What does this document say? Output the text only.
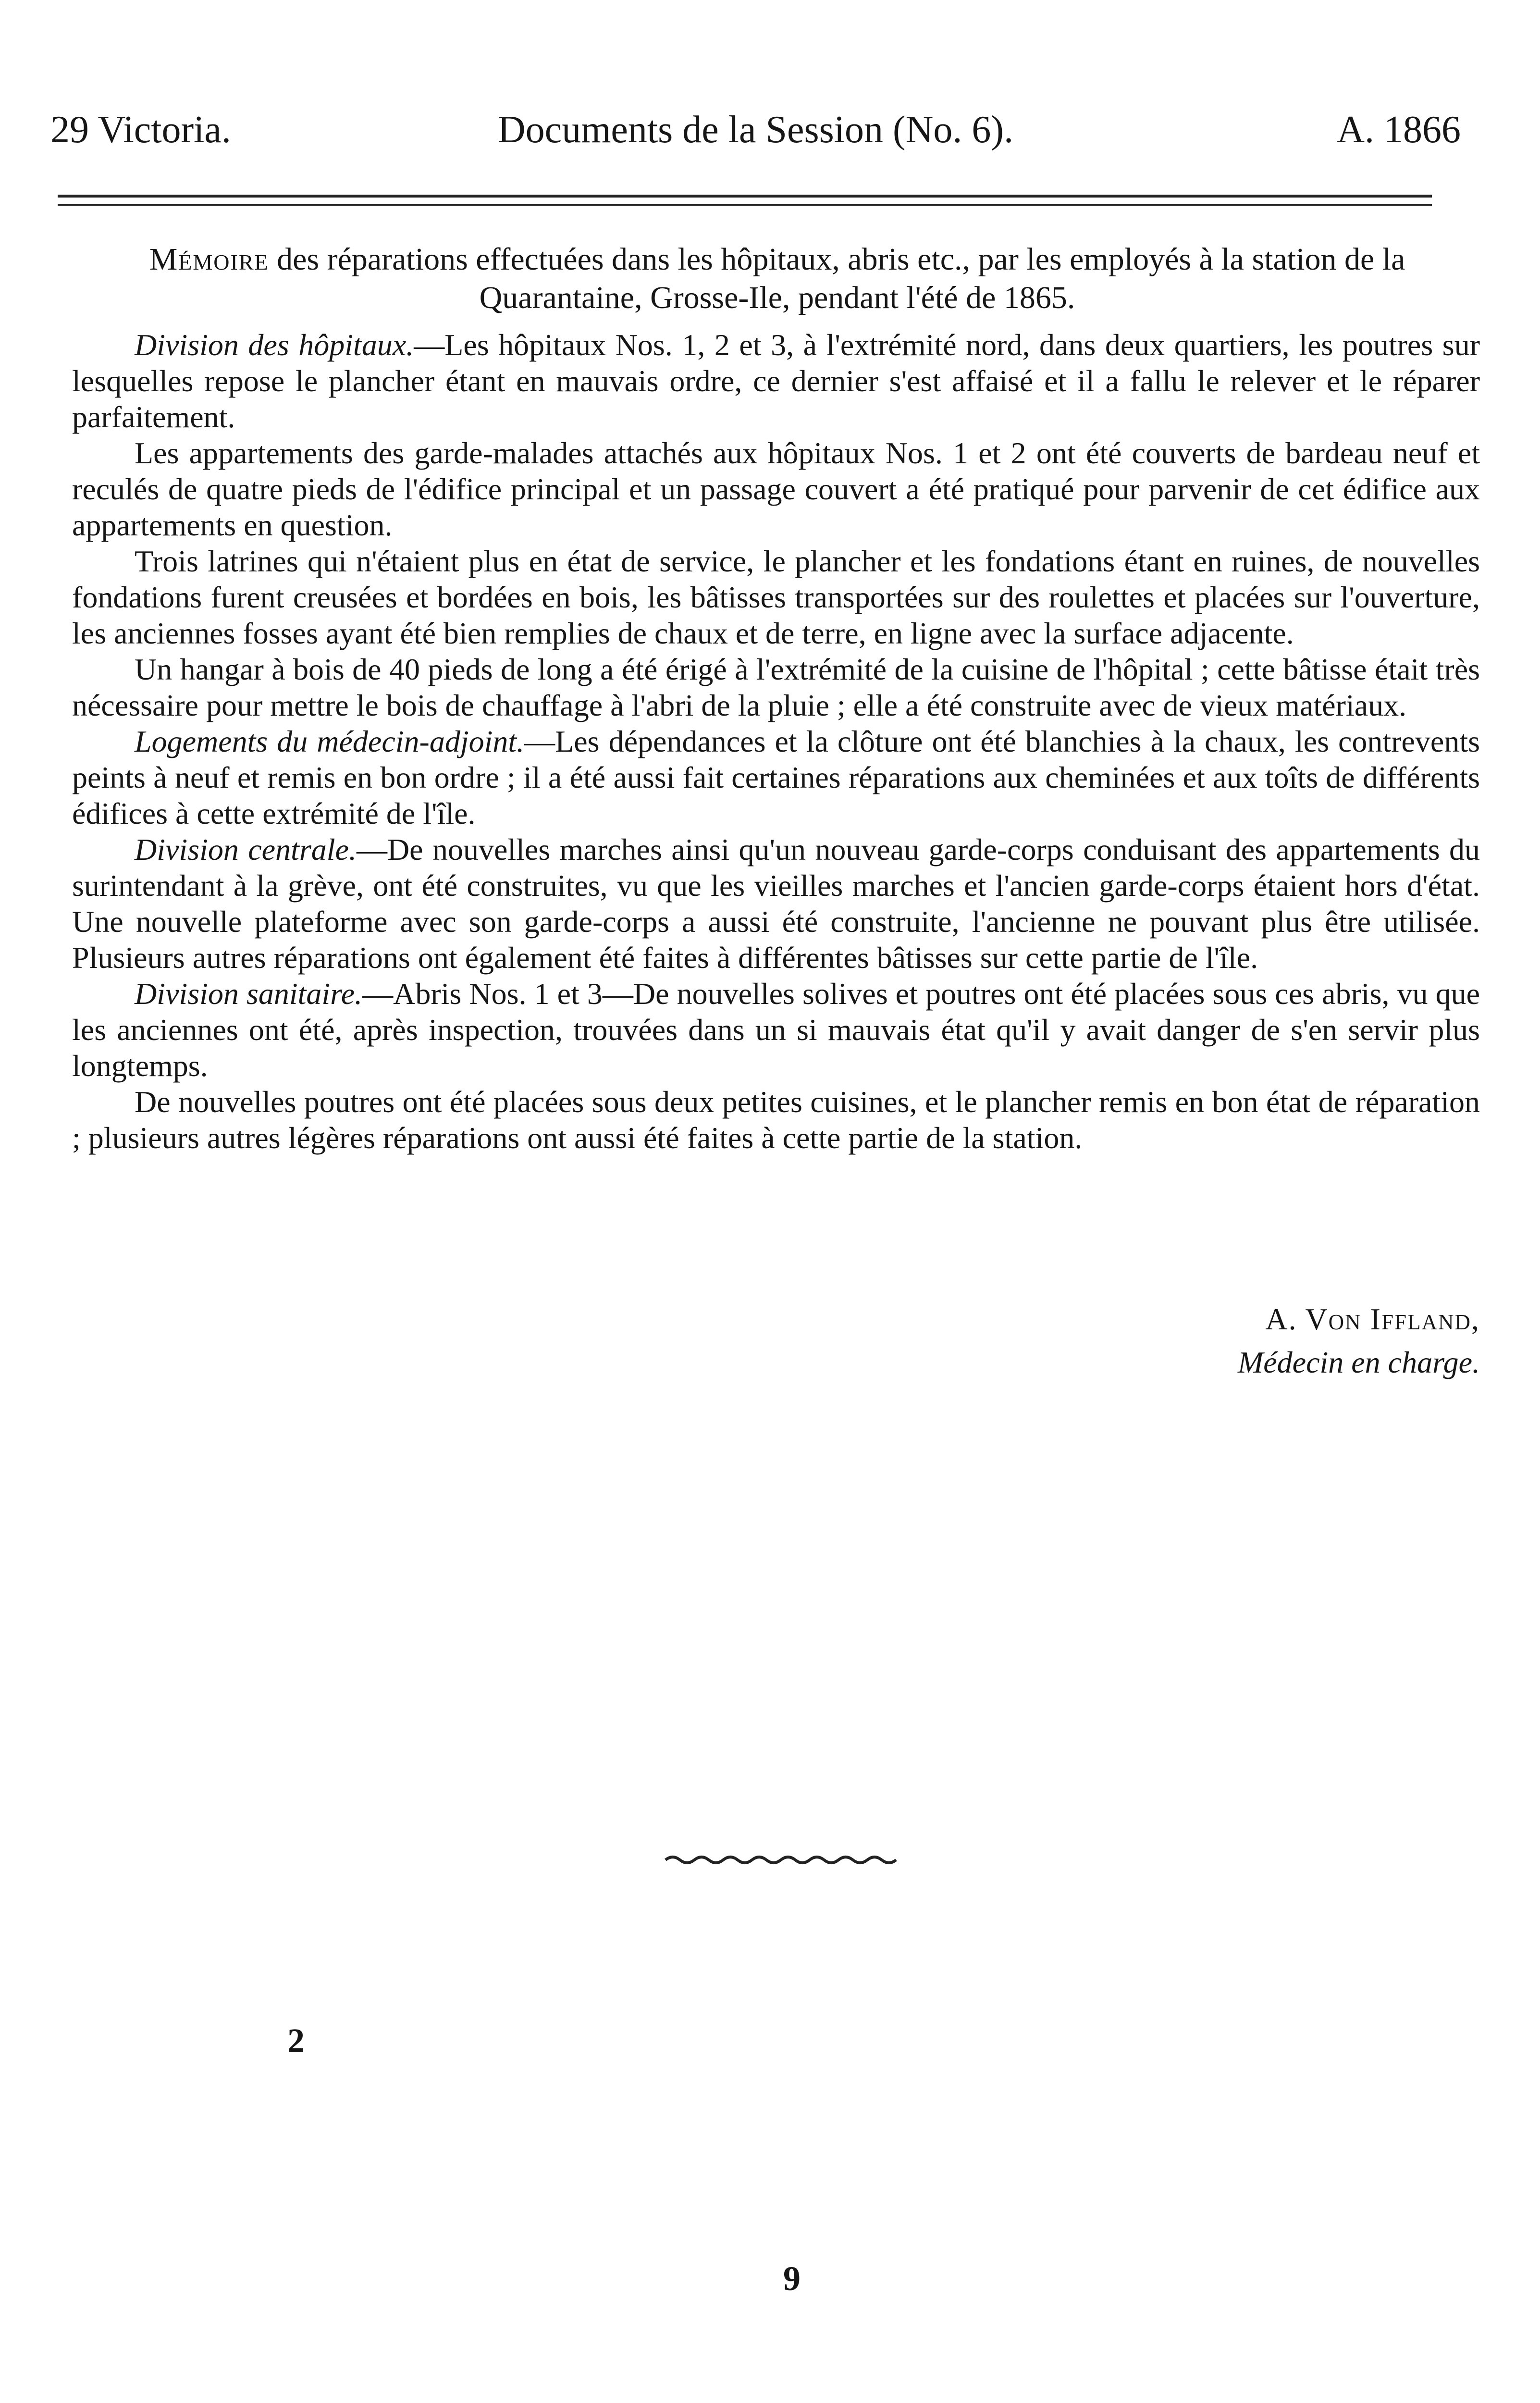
29 Victoria.	Documents de la Session (No. 6).	A. 1866
Mémoire des réparations effectuées dans les hôpitaux, abris etc., par les employés à la station de la Quarantaine, Grosse-Ile, pendant l'été de 1865.

Division des hôpitaux.—Les hôpitaux Nos. 1, 2 et 3, à l'extrémité nord, dans deux quartiers, les poutres sur lesquelles repose le plancher étant en mauvais ordre, ce dernier s'est affaisé et il a fallu le relever et le réparer parfaitement.

Les appartements des garde-malades attachés aux hôpitaux Nos. 1 et 2 ont été couverts de bardeau neuf et reculés de quatre pieds de l'édifice principal et un passage couvert a été pratiqué pour parvenir de cet édifice aux appartements en question.

Trois latrines qui n'étaient plus en état de service, le plancher et les fondations étant en ruines, de nouvelles fondations furent creusées et bordées en bois, les bâtisses transportées sur des roulettes et placées sur l'ouverture, les anciennes fosses ayant été bien remplies de chaux et de terre, en ligne avec la surface adjacente.

Un hangar à bois de 40 pieds de long a été érigé à l'extrémité de la cuisine de l'hôpital ; cette bâtisse était très nécessaire pour mettre le bois de chauffage à l'abri de la pluie ; elle a été construite avec de vieux matériaux.

Logements du médecin-adjoint.—Les dépendances et la clôture ont été blanchies à la chaux, les contrevents peints à neuf et remis en bon ordre ; il a été aussi fait certaines réparations aux cheminées et aux toîts de différents édifices à cette extrémité de l'île.

Division centrale.—De nouvelles marches ainsi qu'un nouveau garde-corps conduisant des appartements du surintendant à la grève, ont été construites, vu que les vieilles marches et l'ancien garde-corps étaient hors d'état. Une nouvelle plateforme avec son garde-corps a aussi été construite, l'ancienne ne pouvant plus être utilisée. Plusieurs autres réparations ont également été faites à différentes bâtisses sur cette partie de l'île.

Division sanitaire.—Abris Nos. 1 et 3—De nouvelles solives et poutres ont été placées sous ces abris, vu que les anciennes ont été, après inspection, trouvées dans un si mauvais état qu'il y avait danger de s'en servir plus longtemps.

De nouvelles poutres ont été placées sous deux petites cuisines, et le plancher remis en bon état de réparation ; plusieurs autres légères réparations ont aussi été faites à cette partie de la station.

A. Von Iffland,
Médecin en charge.
2
9
